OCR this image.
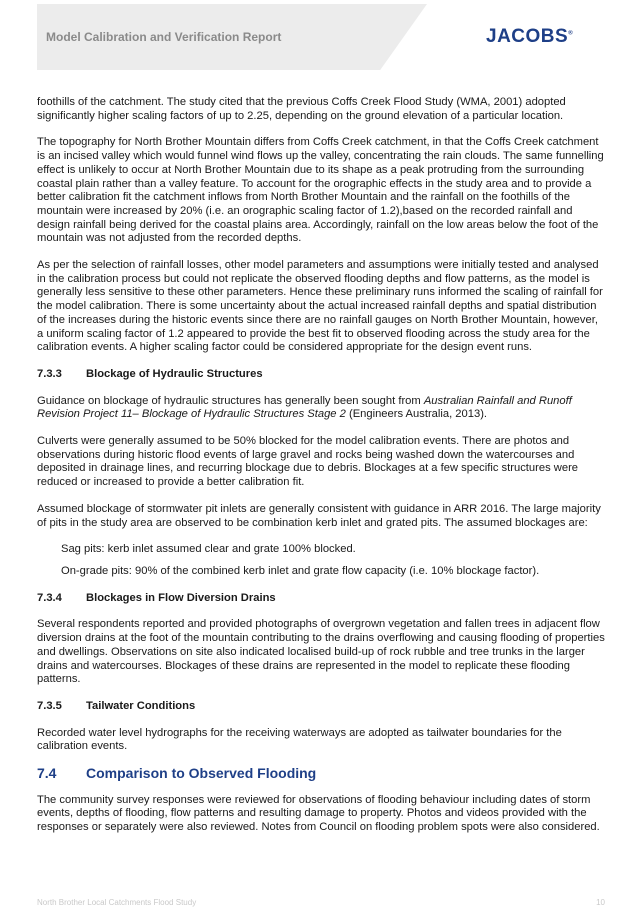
Model Calibration and Verification Report	JACOBS®

foothills of the catchment. The study cited that the previous Coffs Creek Flood Study (WMA, 2001) adopted significantly higher scaling factors of up to 2.25, depending on the ground elevation of a particular location.

The topography for North Brother Mountain differs from Coffs Creek catchment, in that the Coffs Creek catchment is an incised valley which would funnel wind flows up the valley, concentrating the rain clouds. The same funnelling effect is unlikely to occur at North Brother Mountain due to its shape as a peak protruding from the surrounding coastal plain rather than a valley feature. To account for the orographic effects in the study area and to provide a better calibration fit the catchment inflows from North Brother Mountain and the rainfall on the foothills of the mountain were increased by 20% (i.e. an orographic scaling factor of 1.2),based on the recorded rainfall and design rainfall being derived for the coastal plains area. Accordingly, rainfall on the low areas below the foot of the mountain was not adjusted from the recorded depths.

As per the selection of rainfall losses, other model parameters and assumptions were initially tested and analysed in the calibration process but could not replicate the observed flooding depths and flow patterns, as the model is generally less sensitive to these other parameters. Hence these preliminary runs informed the scaling of rainfall for the model calibration. There is some uncertainty about the actual increased rainfall depths and spatial distribution of the increases during the historic events since there are no rainfall gauges on North Brother Mountain, however, a uniform scaling factor of 1.2 appeared to provide the best fit to observed flooding across the study area for the calibration events. A higher scaling factor could be considered appropriate for the design event runs.

7.3.3	Blockage of Hydraulic Structures

Guidance on blockage of hydraulic structures has generally been sought from Australian Rainfall and Runoff Revision Project 11– Blockage of Hydraulic Structures Stage 2 (Engineers Australia, 2013).

Culverts were generally assumed to be 50% blocked for the model calibration events. There are photos and observations during historic flood events of large gravel and rocks being washed down the watercourses and deposited in drainage lines, and recurring blockage due to debris. Blockages at a few specific structures were reduced or increased to provide a better calibration fit.

Assumed blockage of stormwater pit inlets are generally consistent with guidance in ARR 2016. The large majority of pits in the study area are observed to be combination kerb inlet and grated pits. The assumed blockages are:

Sag pits: kerb inlet assumed clear and grate 100% blocked.
On-grade pits: 90% of the combined kerb inlet and grate flow capacity (i.e. 10% blockage factor).
7.3.4	Blockages in Flow Diversion Drains

Several respondents reported and provided photographs of overgrown vegetation and fallen trees in adjacent flow diversion drains at the foot of the mountain contributing to the drains overflowing and causing flooding of properties and dwellings. Observations on site also indicated localised build-up of rock rubble and tree trunks in the larger drains and watercourses. Blockages of these drains are represented in the model to replicate these flooding patterns.

7.3.5	Tailwater Conditions

Recorded water level hydrographs for the receiving waterways are adopted as tailwater boundaries for the calibration events.

7.4	Comparison to Observed Flooding

The community survey responses were reviewed for observations of flooding behaviour including dates of storm events, depths of flooding, flow patterns and resulting damage to property. Photos and videos provided with the responses or separately were also reviewed. Notes from Council on flooding problem spots were also considered.

North Brother Local Catchments Flood Study	10
